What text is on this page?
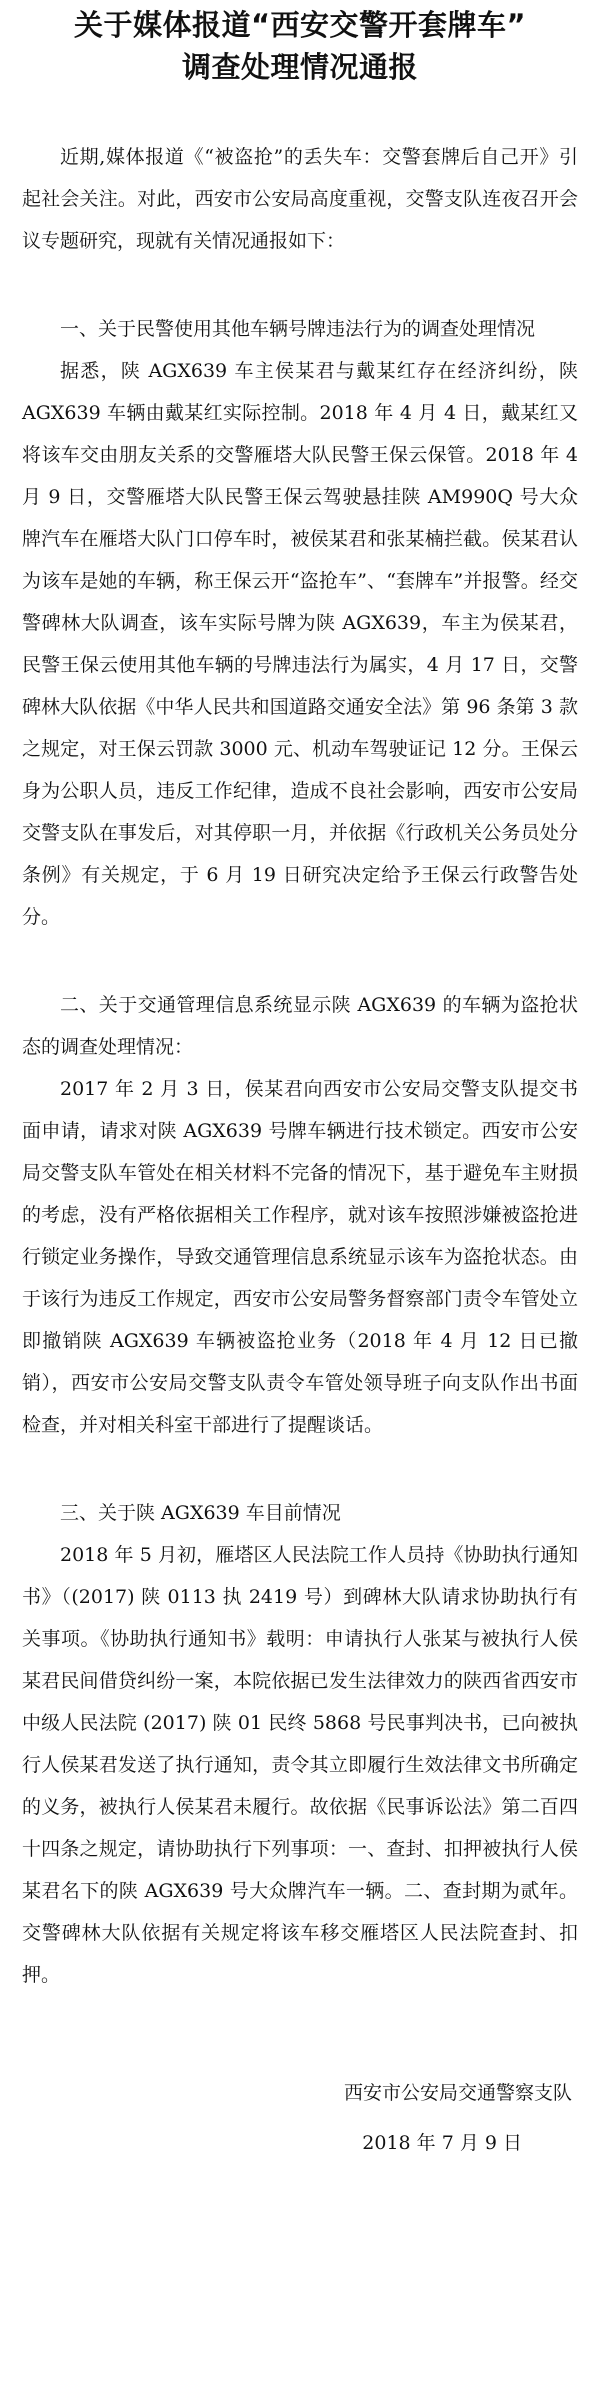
关于媒体报道“西安交警开套牌车”
调查处理情况通报

近期,媒体报道《“被盗抢”的丢失车：交警套牌后自己开》引起社会关注。对此，西安市公安局高度重视，交警支队连夜召开会议专题研究，现就有关情况通报如下：

一、关于民警使用其他车辆号牌违法行为的调查处理情况

据悉，陕 AGX639 车主侯某君与戴某红存在经济纠纷，陕 AGX639 车辆由戴某红实际控制。2018 年 4 月 4 日，戴某红又将该车交由朋友关系的交警雁塔大队民警王保云保管。2018 年 4 月 9 日，交警雁塔大队民警王保云驾驶悬挂陕 AM990Q 号大众牌汽车在雁塔大队门口停车时，被侯某君和张某楠拦截。侯某君认为该车是她的车辆，称王保云开“盗抢车”、“套牌车”并报警。经交警碑林大队调查，该车实际号牌为陕 AGX639，车主为侯某君，民警王保云使用其他车辆的号牌违法行为属实，4 月 17 日，交警碑林大队依据《中华人民共和国道路交通安全法》第 96 条第 3 款之规定，对王保云罚款 3000 元、机动车驾驶证记 12 分。王保云身为公职人员，违反工作纪律，造成不良社会影响，西安市公安局交警支队在事发后，对其停职一月，并依据《行政机关公务员处分条例》有关规定，于 6 月 19 日研究决定给予王保云行政警告处分。

二、关于交通管理信息系统显示陕 AGX639 的车辆为盗抢状态的调查处理情况：

2017 年 2 月 3 日，侯某君向西安市公安局交警支队提交书面申请，请求对陕 AGX639 号牌车辆进行技术锁定。西安市公安局交警支队车管处在相关材料不完备的情况下，基于避免车主财损的考虑，没有严格依据相关工作程序，就对该车按照涉嫌被盗抢进行锁定业务操作，导致交通管理信息系统显示该车为盗抢状态。由于该行为违反工作规定，西安市公安局警务督察部门责令车管处立即撤销陕 AGX639 车辆被盗抢业务（2018 年 4 月 12 日已撤销），西安市公安局交警支队责令车管处领导班子向支队作出书面检查，并对相关科室干部进行了提醒谈话。

三、关于陕 AGX639 车目前情况

2018 年 5 月初，雁塔区人民法院工作人员持《协助执行通知书》（(2017) 陕 0113 执 2419 号）到碑林大队请求协助执行有关事项。《协助执行通知书》载明：申请执行人张某与被执行人侯某君民间借贷纠纷一案，本院依据已发生法律效力的陕西省西安市中级人民法院 (2017) 陕 01 民终 5868 号民事判决书，已向被执行人侯某君发送了执行通知，责令其立即履行生效法律文书所确定的义务，被执行人侯某君未履行。故依据《民事诉讼法》第二百四十四条之规定，请协助执行下列事项：一、查封、扣押被执行人侯某君名下的陕 AGX639 号大众牌汽车一辆。二、查封期为贰年。交警碑林大队依据有关规定将该车移交雁塔区人民法院查封、扣押。

西安市公安局交通警察支队
2018 年 7 月 9 日
